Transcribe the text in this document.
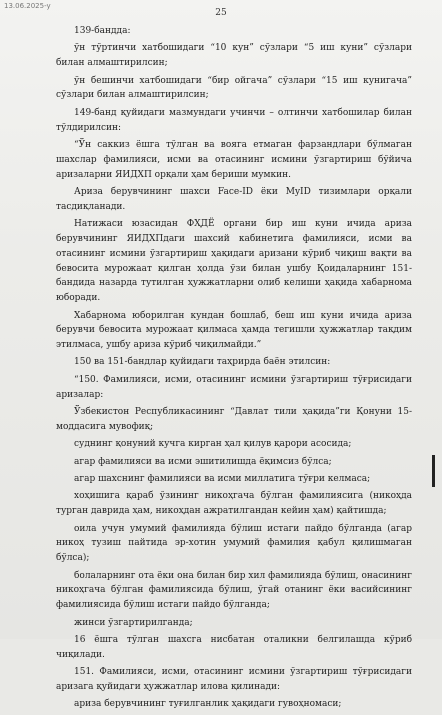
13.06.2025-y
25

139-бандда:

ўн тўртинчи хатбошидаги “10 кун” сўзлари “5 иш куни” сўзлари билан алмаштирилсин;

ўн бешинчи хатбошидаги “бир ойгача” сўзлари “15 иш кунигача” сўзлари билан алмаштирилсин;

149-банд қуйидаги мазмундаги учинчи – олтинчи хатбошилар билан тўлдирилсин:

“Ўн саккиз ёшга тўлган ва вояга етмаган фарзандлари бўлмаган шахслар фамилияси, исми ва отасининг исмини ўзгартириш бўйича аризаларни ЯИДХП орқали ҳам бериши мумкин.

Ариза берувчининг шахси Face-ID ёки MyID тизимлари орқали тасдиқланади.

Натижаси юзасидан ФҲДЁ органи бир иш куни ичида ариза берувчининг ЯИДХПдаги шахсий кабинетига фамилияси, исми ва отасининг исмини ўзгартириш ҳақидаги аризани кўриб чиқиш вақти ва бевосита мурожаат қилган ҳолда ўзи билан ушбу Қоидаларнинг 151-бандида назарда тутилган ҳужжатларни олиб келиши ҳақида хабарнома юборади.

Хабарнома юборилган кундан бошлаб, беш иш куни ичида ариза берувчи бевосита мурожаат қилмаса ҳамда тегишли ҳужжатлар тақдим этилмаса, ушбу ариза кўриб чиқилмайди.”

150 ва 151-бандлар қуйидаги таҳрирда баён этилсин:

“150. Фамилияси, исми, отасининг исмини ўзгартириш тўғрисидаги аризалар:

Ўзбекистон Республикасининг “Давлат тили ҳақида”ги Қонуни 15-моддасига мувофиқ;

суднинг қонуний кучга кирган ҳал қилув қарори асосида;

агар фамилияси ва исми эшитилишда ёқимсиз бўлса;

агар шахснинг фамилияси ва исми миллатига тўғри келмаса;

хоҳишига қараб ўзининг никоҳгача бўлган фамилиясига (никоҳда турган даврида ҳам, никоҳдан ажратилгандан кейин ҳам) қайтишда;

оила учун умумий фамилияда бўлиш истаги пайдо бўлганда (агар никоҳ тузиш пайтида эр-хотин умумий фамилия қабул қилишмаган бўлса);

болаларнинг ота ёки она билан бир хил фамилияда бўлиш, онасининг никоҳгача бўлган фамилиясида бўлиш, ўгай отанинг ёки васийсининг фамилиясида бўлиш истаги пайдо бўлганда;

жинси ўзгартирилганда;

16 ёшга тўлган шахсга нисбатан оталикни белгилашда кўриб чиқилади.

151. Фамилияси, исми, отасининг исмини ўзгартириш тўғрисидаги аризага қуйидаги ҳужжатлар илова қилинади:

ариза берувчининг туғилганлик ҳақидаги гувоҳномаси;
